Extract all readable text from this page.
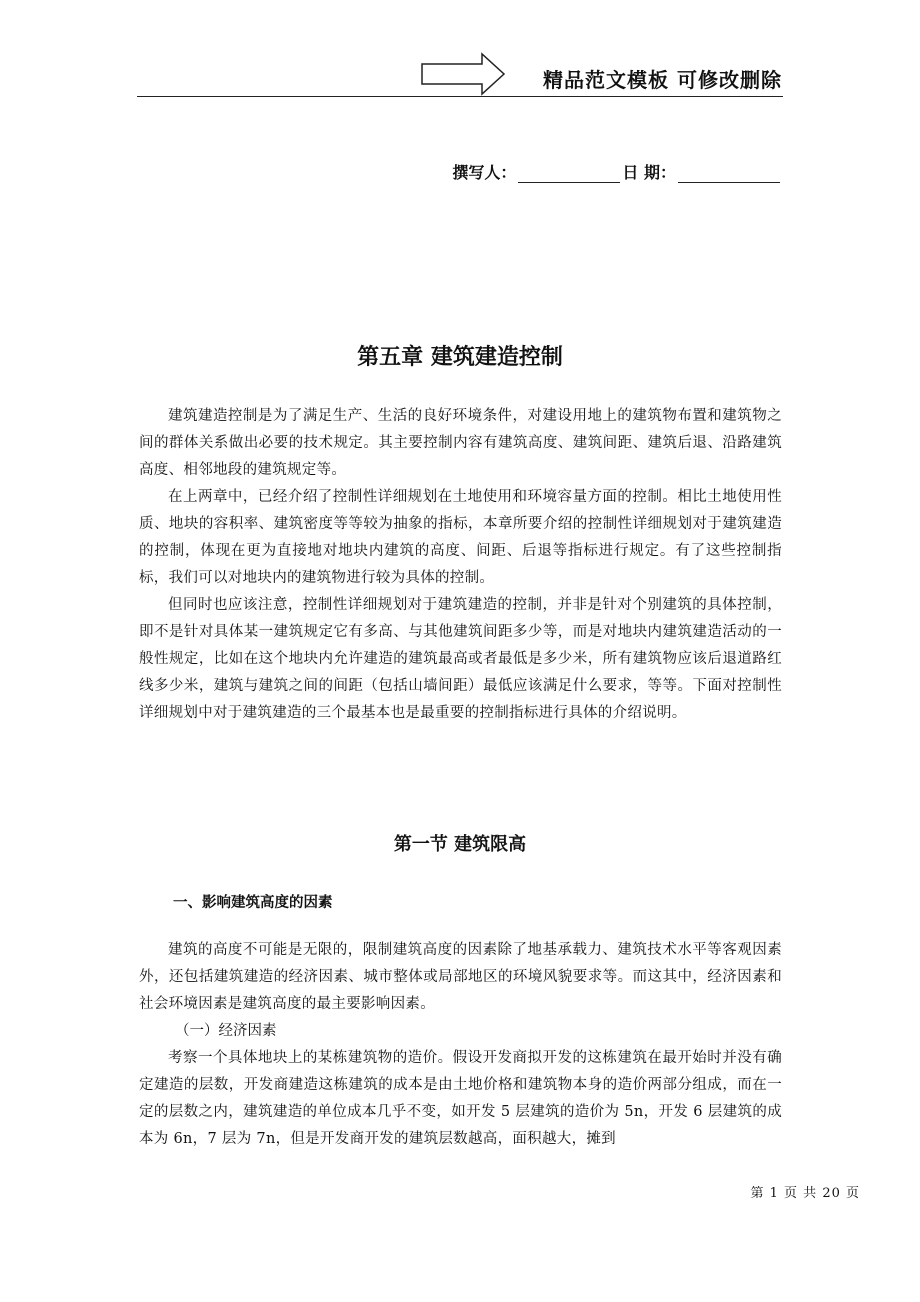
精品范文模板 可修改删除
撰写人：	日 期：
第五章 建筑建造控制

建筑建造控制是为了满足生产、生活的良好环境条件，对建设用地上的建筑物布置和建筑物之间的群体关系做出必要的技术规定。其主要控制内容有建筑高度、建筑间距、建筑后退、沿路建筑高度、相邻地段的建筑规定等。

在上两章中，已经介绍了控制性详细规划在土地使用和环境容量方面的控制。相比土地使用性质、地块的容积率、建筑密度等等较为抽象的指标，本章所要介绍的控制性详细规划对于建筑建造的控制，体现在更为直接地对地块内建筑的高度、间距、后退等指标进行规定。有了这些控制指标，我们可以对地块内的建筑物进行较为具体的控制。

但同时也应该注意，控制性详细规划对于建筑建造的控制，并非是针对个别建筑的具体控制，即不是针对具体某一建筑规定它有多高、与其他建筑间距多少等，而是对地块内建筑建造活动的一般性规定，比如在这个地块内允许建造的建筑最高或者最低是多少米，所有建筑物应该后退道路红线多少米，建筑与建筑之间的间距（包括山墙间距）最低应该满足什么要求，等等。下面对控制性详细规划中对于建筑建造的三个最基本也是最重要的控制指标进行具体的介绍说明。

第一节 建筑限高
一、影响建筑高度的因素

建筑的高度不可能是无限的，限制建筑高度的因素除了地基承载力、建筑技术水平等客观因素外，还包括建筑建造的经济因素、城市整体或局部地区的环境风貌要求等。而这其中，经济因素和社会环境因素是建筑高度的最主要影响因素。

（一）经济因素

考察一个具体地块上的某栋建筑物的造价。假设开发商拟开发的这栋建筑在最开始时并没有确定建造的层数，开发商建造这栋建筑的成本是由土地价格和建筑物本身的造价两部分组成，而在一定的层数之内，建筑建造的单位成本几乎不变，如开发 5 层建筑的造价为 5n，开发 6 层建筑的成本为 6n，7 层为 7n，但是开发商开发的建筑层数越高，面积越大，摊到

第 1 页 共 20 页
